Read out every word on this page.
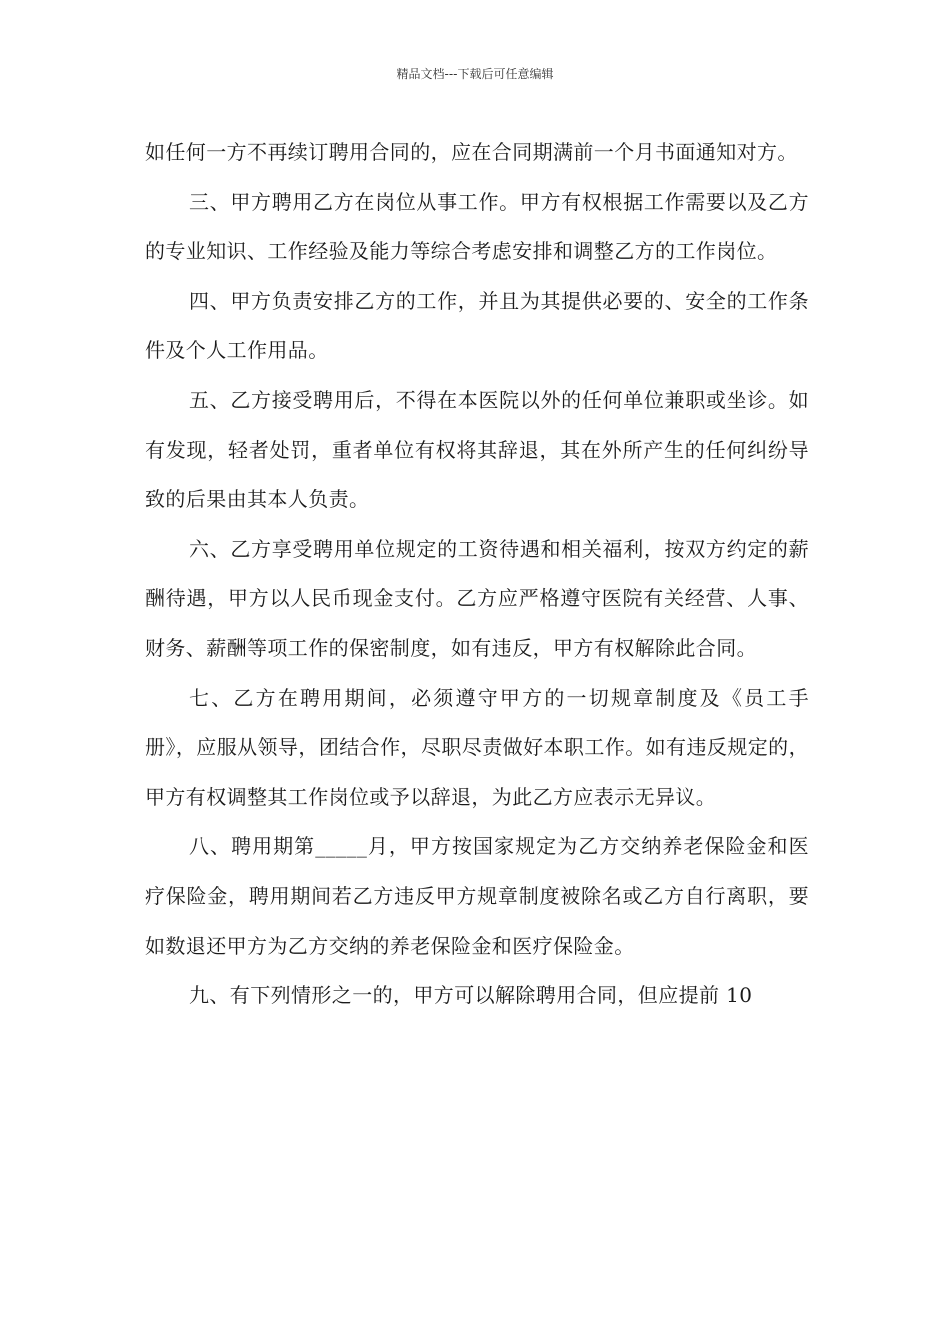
精品文档---下载后可任意编辑

如任何一方不再续订聘用合同的，应在合同期满前一个月书面通知对方。

三、甲方聘用乙方在岗位从事工作。甲方有权根据工作需要以及乙方的专业知识、工作经验及能力等综合考虑安排和调整乙方的工作岗位。

四、甲方负责安排乙方的工作，并且为其提供必要的、安全的工作条件及个人工作用品。

五、乙方接受聘用后，不得在本医院以外的任何单位兼职或坐诊。如有发现，轻者处罚，重者单位有权将其辞退，其在外所产生的任何纠纷导致的后果由其本人负责。

六、乙方享受聘用单位规定的工资待遇和相关福利，按双方约定的薪酬待遇，甲方以人民币现金支付。乙方应严格遵守医院有关经营、人事、财务、薪酬等项工作的保密制度，如有违反，甲方有权解除此合同。

七、乙方在聘用期间，必须遵守甲方的一切规章制度及《员工手册》，应服从领导，团结合作，尽职尽责做好本职工作。如有违反规定的，甲方有权调整其工作岗位或予以辞退，为此乙方应表示无异议。

八、聘用期第_____月，甲方按国家规定为乙方交纳养老保险金和医疗保险金，聘用期间若乙方违反甲方规章制度被除名或乙方自行离职，要如数退还甲方为乙方交纳的养老保险金和医疗保险金。

九、有下列情形之一的，甲方可以解除聘用合同，但应提前 10
